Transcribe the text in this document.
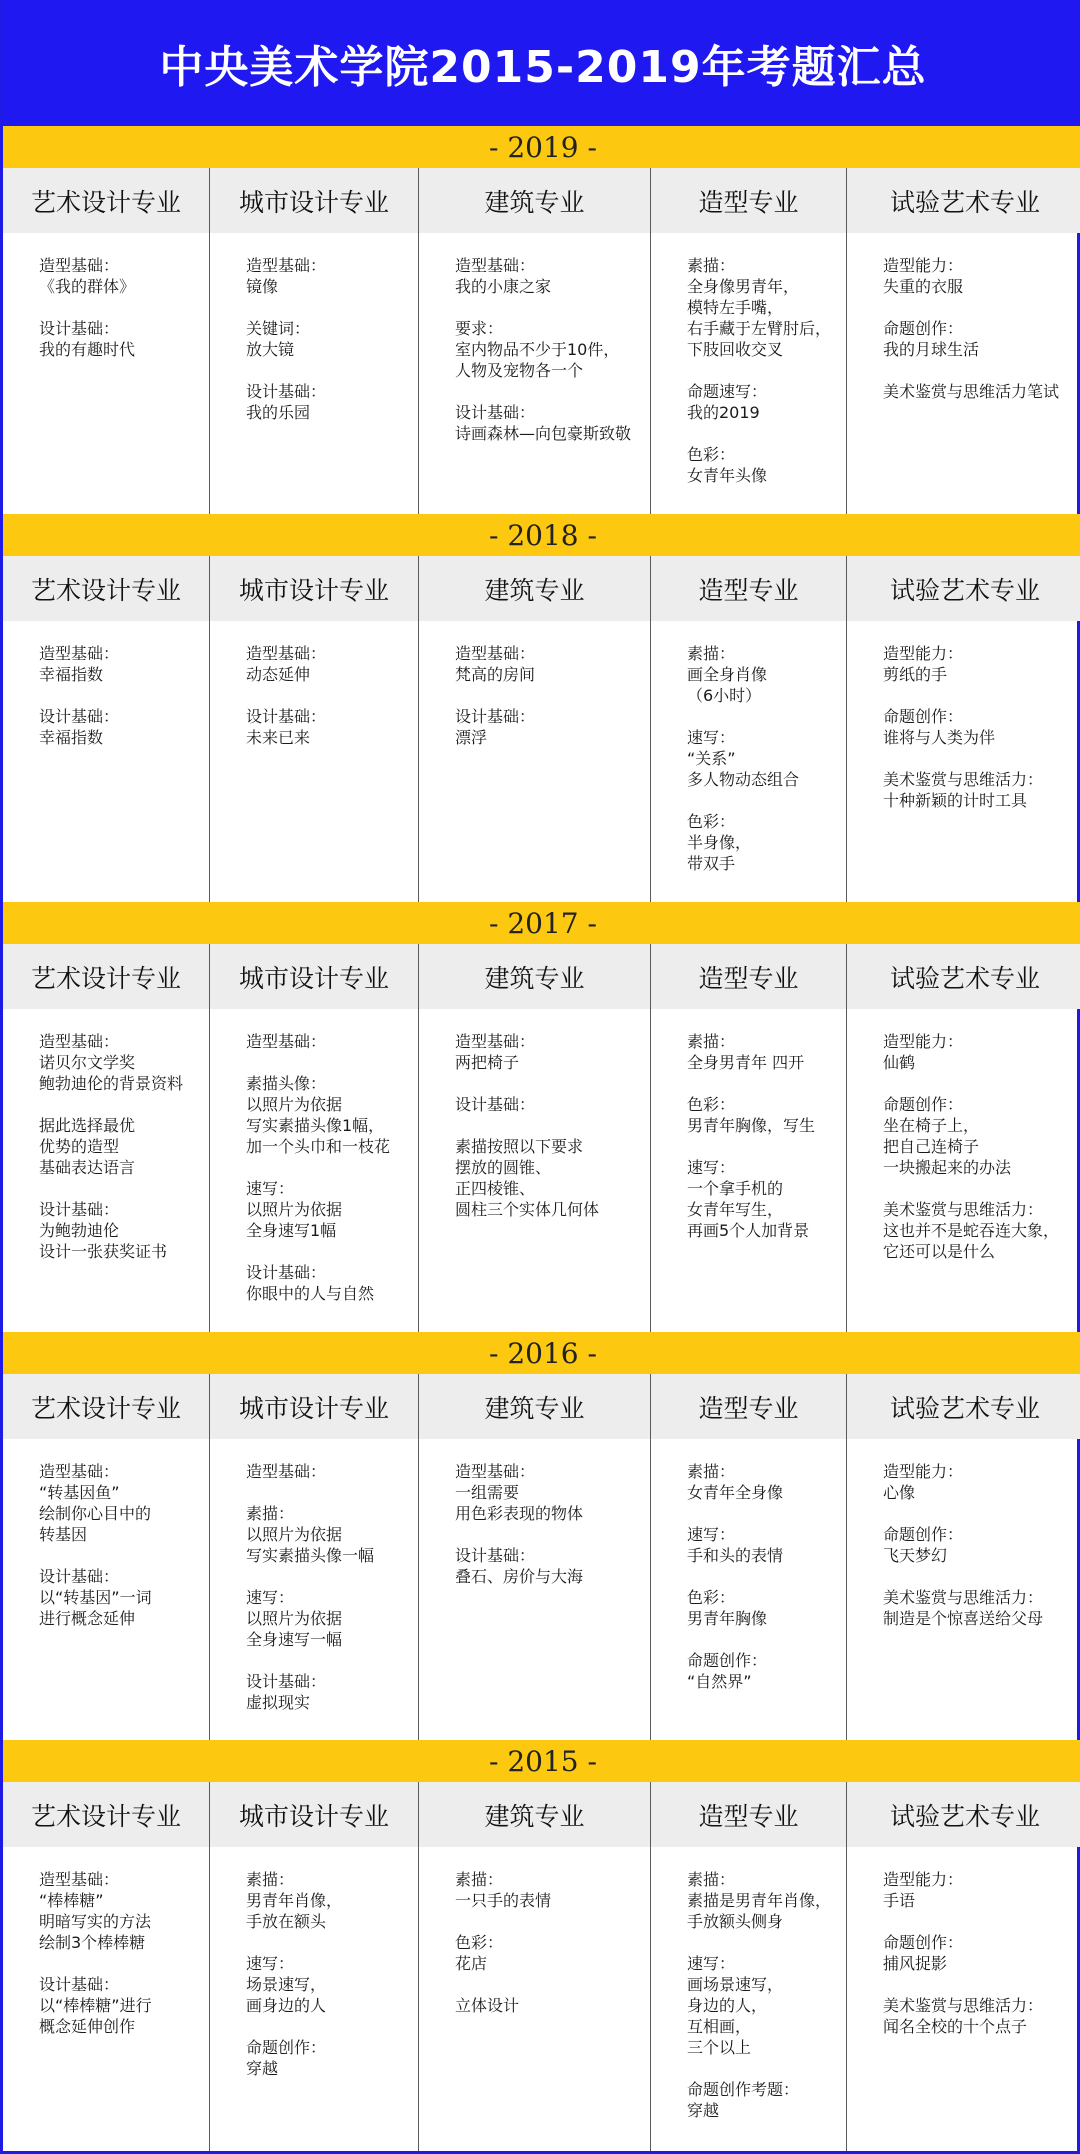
中央美术学院2015-2019年考题汇总
- 2019 -
艺术设计专业
造型基础：
《我的群体》

设计基础：
我的有趣时代
城市设计专业
造型基础：
镜像

关键词：
放大镜

设计基础：
我的乐园
建筑专业
造型基础：
我的小康之家

要求：
室内物品不少于10件，
人物及宠物各一个

设计基础：
诗画森林—向包豪斯致敬
造型专业
素描：
全身像男青年，
模特左手嘴，
右手藏于左臂肘后，
下肢回收交叉

命题速写：
我的2019

色彩：
女青年头像
试验艺术专业
造型能力：
失重的衣服

命题创作：
我的月球生活

美术鉴赏与思维活力笔试
- 2018 -
艺术设计专业
造型基础：
幸福指数

设计基础：
幸福指数
城市设计专业
造型基础：
动态延伸

设计基础：
未来已来
建筑专业
造型基础：
梵高的房间

设计基础：
漂浮
造型专业
素描：
画全身肖像
（6小时）

速写：
“关系”
多人物动态组合

色彩：
半身像，
带双手
试验艺术专业
造型能力：
剪纸的手

命题创作：
谁将与人类为伴

美术鉴赏与思维活力：
十种新颖的计时工具
- 2017 -
艺术设计专业
造型基础：
诺贝尔文学奖
鲍勃迪伦的背景资料

据此选择最优
优势的造型
基础表达语言

设计基础：
为鲍勃迪伦
设计一张获奖证书
城市设计专业
造型基础：

素描头像：
以照片为依据
写实素描头像1幅，
加一个头巾和一枝花

速写：
以照片为依据
全身速写1幅

设计基础：
你眼中的人与自然
建筑专业
造型基础：
两把椅子

设计基础：

素描按照以下要求
摆放的圆锥、
正四棱锥、
圆柱三个实体几何体
造型专业
素描：
全身男青年 四开

色彩：
男青年胸像，写生

速写：
一个拿手机的
女青年写生，
再画5个人加背景
试验艺术专业
造型能力：
仙鹤

命题创作：
坐在椅子上，
把自己连椅子
一块搬起来的办法

美术鉴赏与思维活力：
这也并不是蛇吞连大象，
它还可以是什么
- 2016 -
艺术设计专业
造型基础：
“转基因鱼”
绘制你心目中的
转基因

设计基础：
以“转基因”一词
进行概念延伸
城市设计专业
造型基础：

素描：
以照片为依据
写实素描头像一幅

速写：
以照片为依据
全身速写一幅

设计基础：
虚拟现实
建筑专业
造型基础：
一组需要
用色彩表现的物体

设计基础：
叠石、房价与大海
造型专业
素描：
女青年全身像

速写：
手和头的表情

色彩：
男青年胸像

命题创作：
“自然界”
试验艺术专业
造型能力：
心像

命题创作：
飞天梦幻

美术鉴赏与思维活力：
制造是个惊喜送给父母
- 2015 -
艺术设计专业
造型基础：
“棒棒糖”
明暗写实的方法
绘制3个棒棒糖

设计基础：
以“棒棒糖”进行
概念延伸创作
城市设计专业
素描：
男青年肖像，
手放在额头

速写：
场景速写，
画身边的人

命题创作：
穿越
建筑专业
素描：
一只手的表情

色彩：
花店

立体设计
造型专业
素描：
素描是男青年肖像，
手放额头侧身

速写：
画场景速写，
身边的人，
互相画，
三个以上

命题创作考题：
穿越
试验艺术专业
造型能力：
手语

命题创作：
捕风捉影

美术鉴赏与思维活力：
闻名全校的十个点子
